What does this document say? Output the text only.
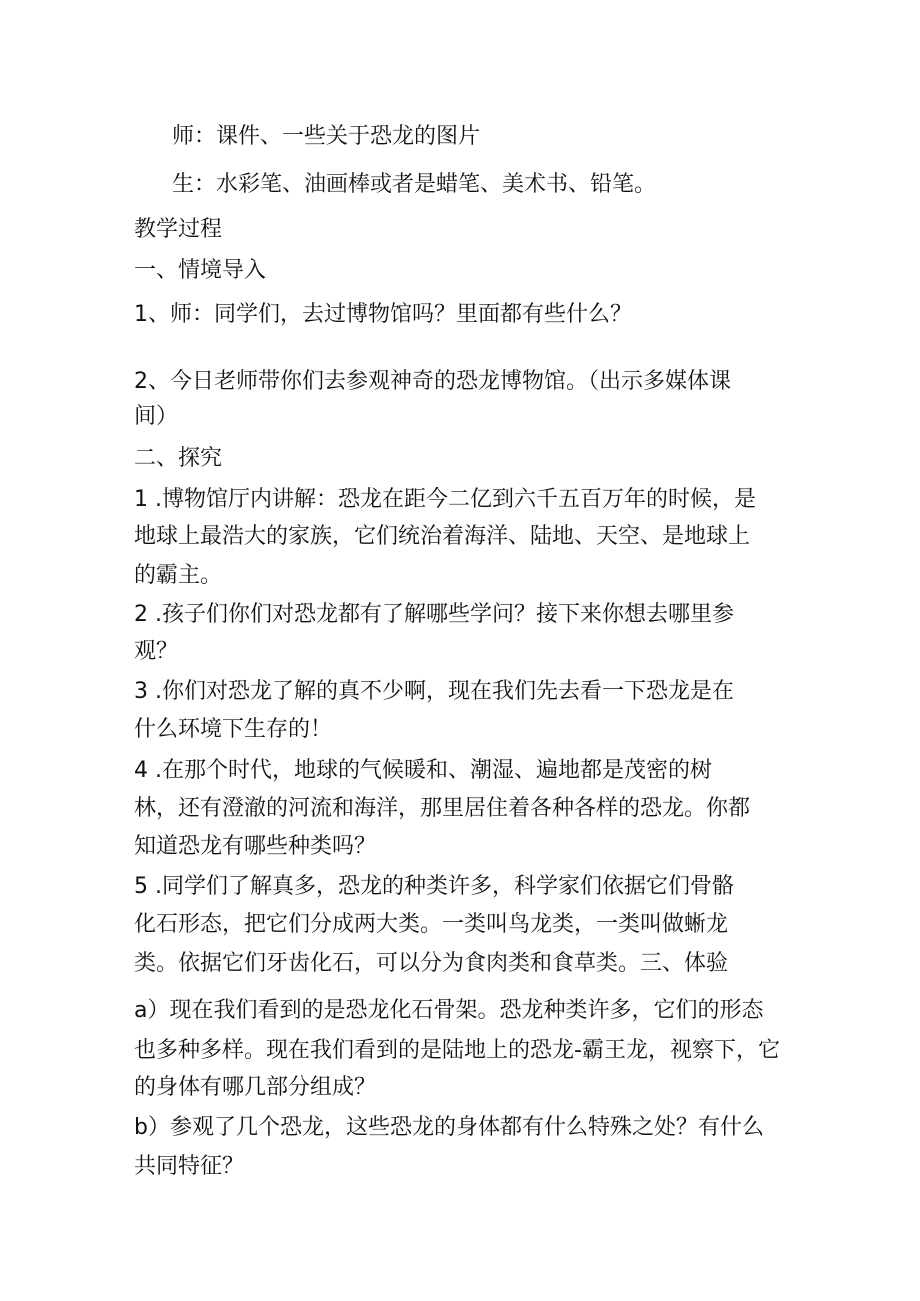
师：课件、一些关于恐龙的图片
生：水彩笔、油画棒或者是蜡笔、美术书、铅笔。
教学过程
一、情境导入
1、师：同学们，去过博物馆吗？里面都有些什么？
2、今日老师带你们去参观神奇的恐龙博物馆。（出示多媒体课
间）
二、探究
1 .博物馆厅内讲解：恐龙在距今二亿到六千五百万年的时候，是
地球上最浩大的家族，它们统治着海洋、陆地、天空、是地球上
的霸主。
2 .孩子们你们对恐龙都有了解哪些学问？接下来你想去哪里参
观？
3 .你们对恐龙了解的真不少啊，现在我们先去看一下恐龙是在
什么环境下生存的！
4 .在那个时代，地球的气候暖和、潮湿、遍地都是茂密的树
林，还有澄澈的河流和海洋，那里居住着各种各样的恐龙。你都
知道恐龙有哪些种类吗？
5 .同学们了解真多，恐龙的种类许多，科学家们依据它们骨骼
化石形态，把它们分成两大类。一类叫鸟龙类，一类叫做蜥龙
类。依据它们牙齿化石，可以分为食肉类和食草类。三、体验
a）现在我们看到的是恐龙化石骨架。恐龙种类许多，它们的形态
也多种多样。现在我们看到的是陆地上的恐龙-霸王龙，视察下，它
的身体有哪几部分组成？
b）参观了几个恐龙，这些恐龙的身体都有什么特殊之处？有什么
共同特征？
